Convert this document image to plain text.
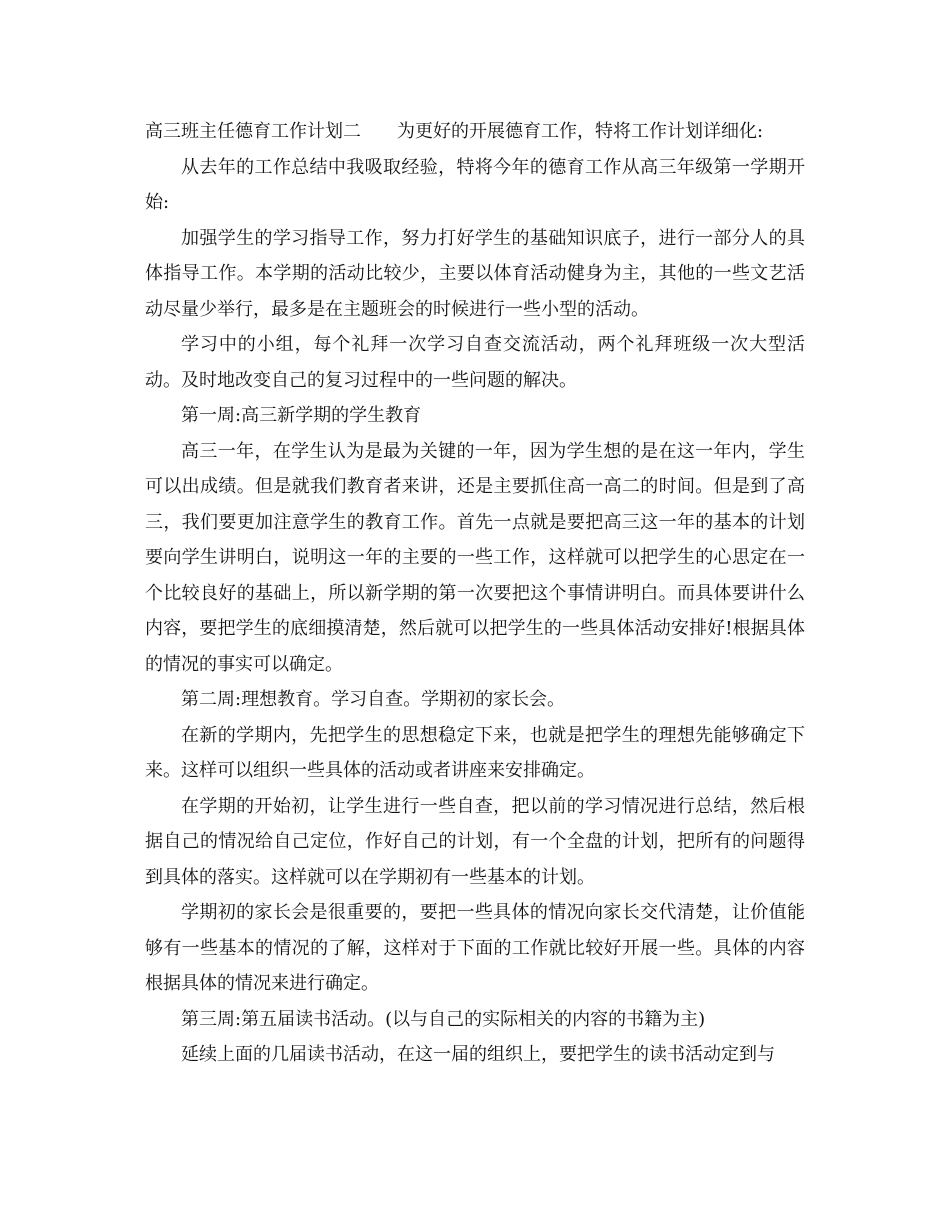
高三班主任德育工作计划二 为更好的开展德育工作，特将工作计划详细化:

从去年的工作总结中我吸取经验，特将今年的德育工作从高三年级第一学期开始:

加强学生的学习指导工作，努力打好学生的基础知识底子，进行一部分人的具体指导工作。本学期的活动比较少，主要以体育活动健身为主，其他的一些文艺活动尽量少举行，最多是在主题班会的时候进行一些小型的活动。

学习中的小组，每个礼拜一次学习自查交流活动，两个礼拜班级一次大型活动。及时地改变自己的复习过程中的一些问题的解决。

第一周:高三新学期的学生教育

高三一年，在学生认为是最为关键的一年，因为学生想的是在这一年内，学生可以出成绩。但是就我们教育者来讲，还是主要抓住高一高二的时间。但是到了高三，我们要更加注意学生的教育工作。首先一点就是要把高三这一年的基本的计划要向学生讲明白，说明这一年的主要的一些工作，这样就可以把学生的心思定在一个比较良好的基础上，所以新学期的第一次要把这个事情讲明白。而具体要讲什么内容，要把学生的底细摸清楚，然后就可以把学生的一些具体活动安排好!根据具体的情况的事实可以确定。

第二周:理想教育。学习自查。学期初的家长会。

在新的学期内，先把学生的思想稳定下来，也就是把学生的理想先能够确定下来。这样可以组织一些具体的活动或者讲座来安排确定。

在学期的开始初，让学生进行一些自查，把以前的学习情况进行总结，然后根据自己的情况给自己定位，作好自己的计划，有一个全盘的计划，把所有的问题得到具体的落实。这样就可以在学期初有一些基本的计划。

学期初的家长会是很重要的，要把一些具体的情况向家长交代清楚，让价值能够有一些基本的情况的了解，这样对于下面的工作就比较好开展一些。具体的内容根据具体的情况来进行确定。

第三周:第五届读书活动。(以与自己的实际相关的内容的书籍为主)

延续上面的几届读书活动，在这一届的组织上，要把学生的读书活动定到与
